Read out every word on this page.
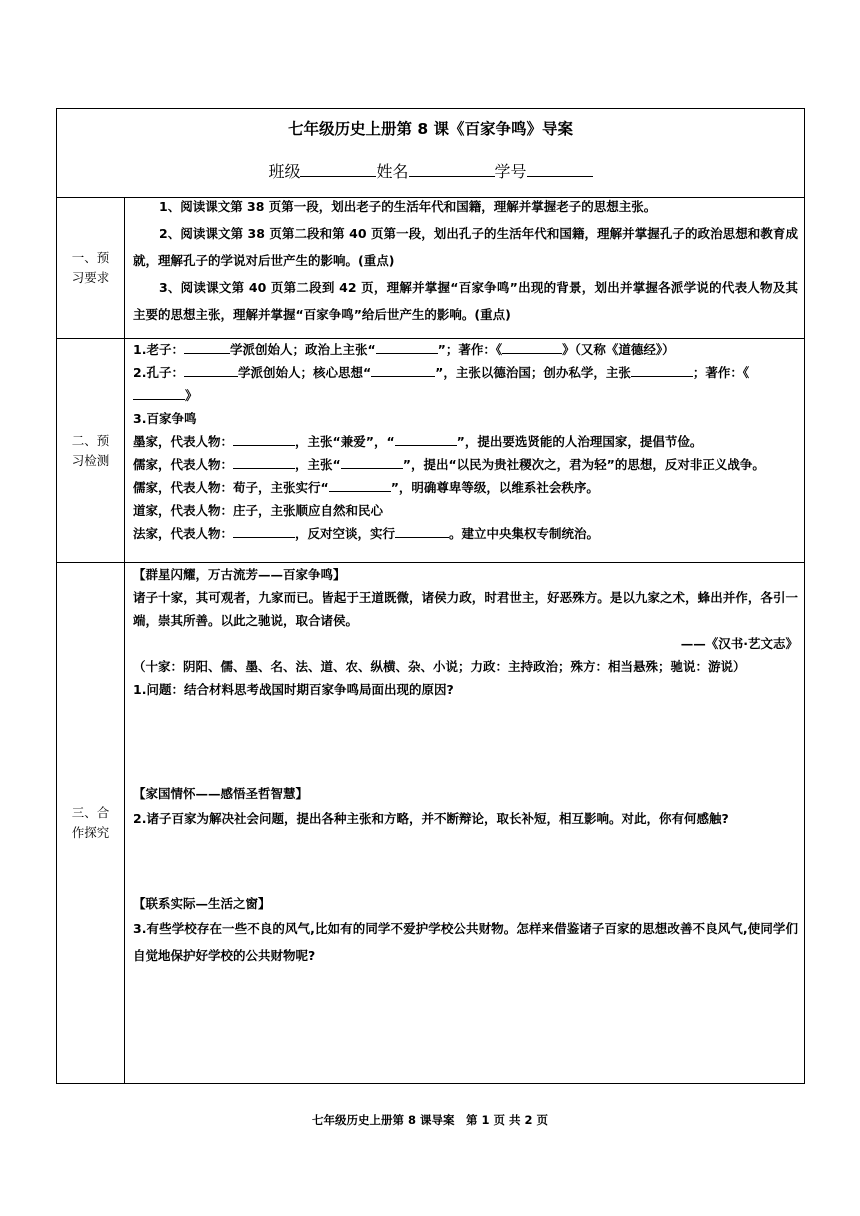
七年级历史上册第 8 课《百家争鸣》导案
班级	姓名	学号
一、预习要求

1、阅读课文第 38 页第一段，划出老子的生活年代和国籍，理解并掌握老子的思想主张。

2、阅读课文第 38 页第二段和第 40 页第一段，划出孔子的生活年代和国籍，理解并掌握孔子的政治思想和教育成就，理解孔子的学说对后世产生的影响。(重点)

3、阅读课文第 40 页第二段到 42 页，理解并掌握“百家争鸣”出现的背景，划出并掌握各派学说的代表人物及其主要的思想主张，理解并掌握“百家争鸣”给后世产生的影响。(重点)

二、预习检测

1.老子：	学派创始人；政治上主张“	”；著作：《	》（又称《道德经》）

2.孔子：	学派创始人；核心思想“	”，主张以德治国；创办私学，主张	；著作：《》

3.百家争鸣

墨家，代表人物：	，主张“兼爱”，“	”，提出要选贤能的人治理国家，提倡节俭。

儒家，代表人物：	，主张“	”，提出“以民为贵社稷次之，君为轻”的思想，反对非正义战争。

儒家，代表人物：荀子，主张实行“	”，明确尊卑等级，以维系社会秩序。

道家，代表人物：庄子，主张顺应自然和民心

法家，代表人物：	，反对空谈，实行	。建立中央集权专制统治。

三、合作探究

【群星闪耀，万古流芳——百家争鸣】

诸子十家，其可观者，九家而已。皆起于王道既微，诸侯力政，时君世主，好恶殊方。是以九家之术，蜂出并作，各引一端，崇其所善。以此之驰说，取合诸侯。

——《汉书·艺文志》

（十家：阴阳、儒、墨、名、法、道、农、纵横、杂、小说；力政：主持政治；殊方：相当悬殊；驰说：游说）

1.问题：结合材料思考战国时期百家争鸣局面出现的原因?

【家国情怀——感悟圣哲智慧】

2.诸子百家为解决社会问题，提出各种主张和方略，并不断辩论，取长补短，相互影响。对此，你有何感触?

【联系实际—生活之窗】

3.有些学校存在一些不良的风气,比如有的同学不爱护学校公共财物。怎样来借鉴诸子百家的思想改善不良风气,使同学们自觉地保护好学校的公共财物呢?

七年级历史上册第 8 课导案　第 1 页 共 2 页
